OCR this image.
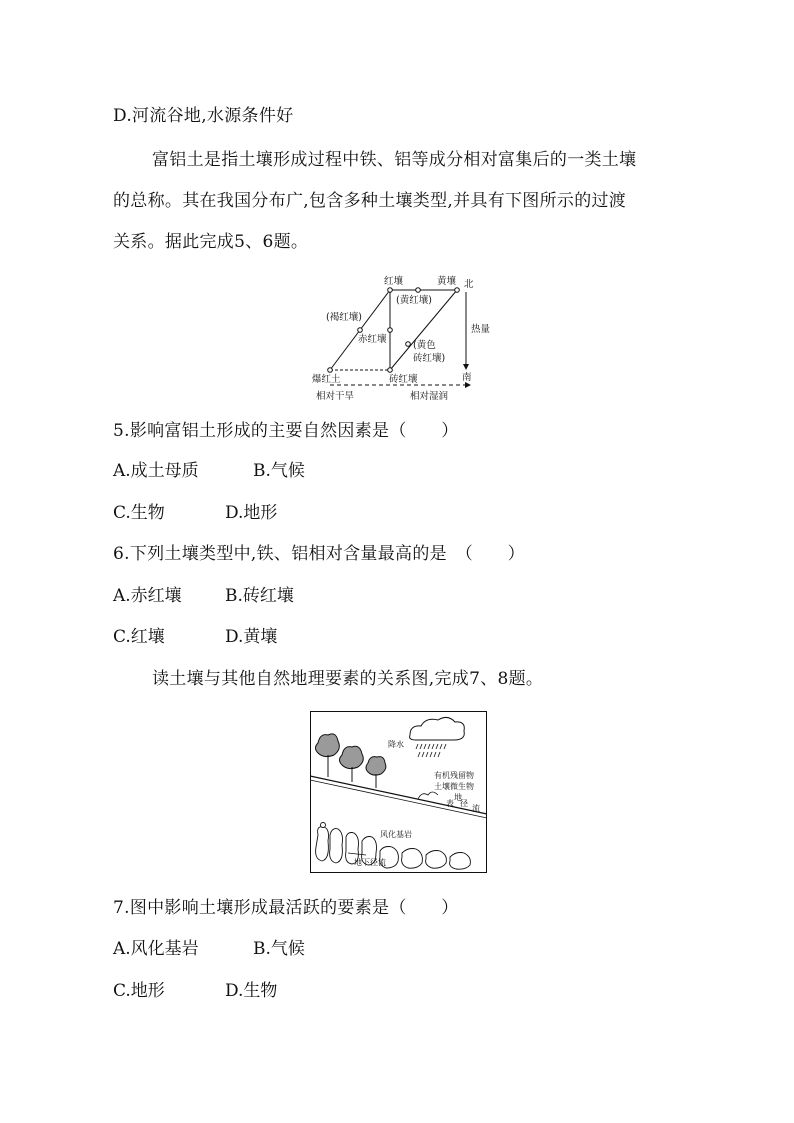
D.河流谷地,水源条件好
富铝土是指土壤形成过程中铁、铝等成分相对富集后的一类土壤
的总称。其在我国分布广,包含多种土壤类型,并具有下图所示的过渡
关系。据此完成5、6题。
红壤	黄壤 北
(黄红壤)
(褐红壤)
赤红壤
热量
(黄色
砖红壤)
南
爆红土	砖红壤
相对干旱	相对湿润
5.影响富铝土形成的主要自然因素是（　　）
A.成土母质	B.气候
C.生物	D.地形
6.下列土壤类型中,铁、铝相对含量最高的是　（　　）
A.赤红壤	B.砖红壤
C.红壤	D.黄壤
读土壤与其他自然地理要素的关系图,完成7、8题。
降水
有机残留物
土壤微生物
地
表 径
流
风化基岩
地下径流
7.图中影响土壤形成最活跃的要素是（　　）
A.风化基岩	B.气候
C.地形	D.生物
